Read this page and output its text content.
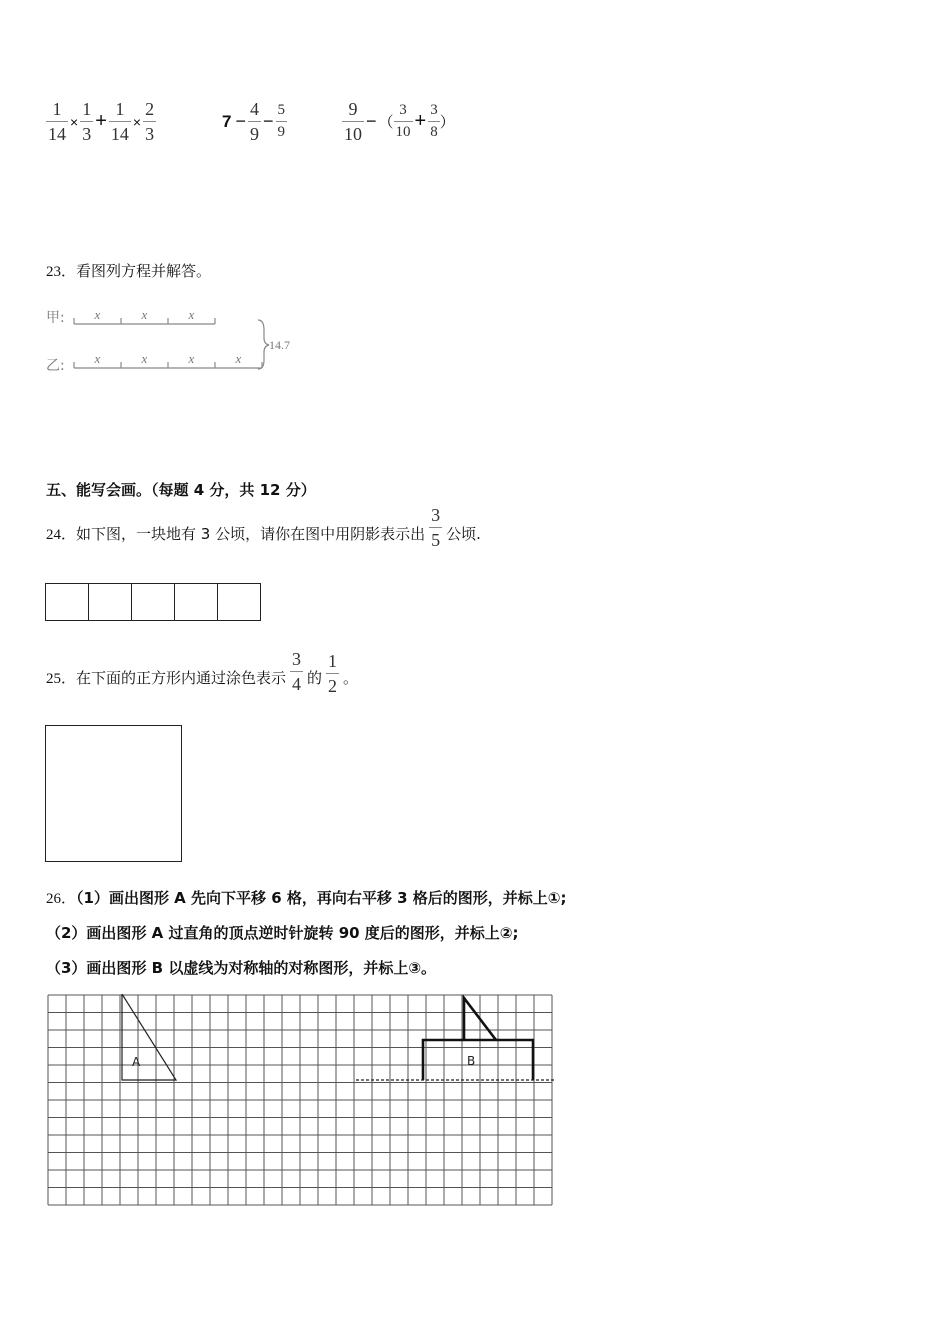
$\frac{1}{14} \times \frac{1}{3} + \frac{1}{14} \times \frac{2}{3}$	$7 - \frac{4}{9} - \frac{5}{9}$	$\frac{9}{10}$ − （ $\frac{3}{10} + \frac{3}{8}$ ）
23．看图列方程并解答。
甲:
乙:
x	x	x
x	x	x	x
14.7
五、能写会画。（每题 4 分，共 12 分）
24． 如下图，一块地有 3 公顷，请你在图中用阴影表示出 $\frac{3}{5}$ 公顷.
25． 在下面的正方形内通过涂色表示 $\frac{3}{4}$ 的 $\frac{1}{2}$ 。
26．（1）画出图形 A 先向下平移 6 格，再向右平移 3 格后的图形，并标上①;
（2）画出图形 A 过直角的顶点逆时针旋转 90 度后的图形，并标上②;
（3）画出图形 B 以虚线为对称轴的对称图形，并标上③。
A	B
